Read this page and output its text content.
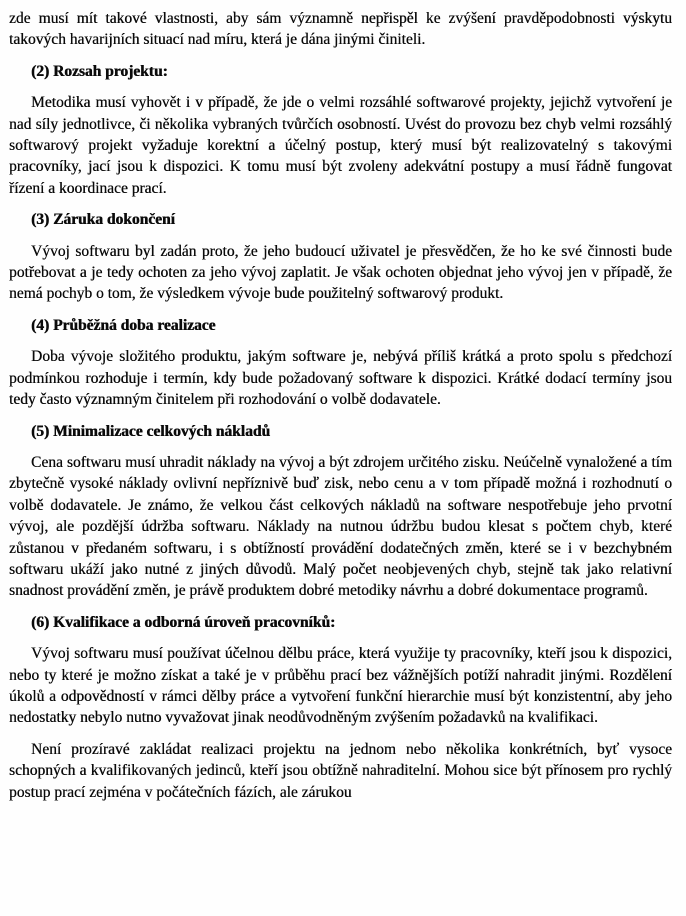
zde musí mít takové vlastnosti, aby sám významně nepřispěl ke zvýšení pravděpodobnosti výskytu takových havarijních situací nad míru, která je dána jinými činiteli.

(2) Rozsah projektu:

Metodika musí vyhovět i v případě, že jde o velmi rozsáhlé softwarové projekty, jejichž vytvoření je nad síly jednotlivce, či několika vybraných tvůrčích osobností. Uvést do provozu bez chyb velmi rozsáhlý softwarový projekt vyžaduje korektní a účelný postup, který musí být realizovatelný s takovými pracovníky, jací jsou k dispozici. K tomu musí být zvoleny adekvátní postupy a musí řádně fungovat řízení a koordinace prací.

(3) Záruka dokončení

Vývoj softwaru byl zadán proto, že jeho budoucí uživatel je přesvědčen, že ho ke své činnosti bude potřebovat a je tedy ochoten za jeho vývoj zaplatit. Je však ochoten objednat jeho vývoj jen v případě, že nemá pochyb o tom, že výsledkem vývoje bude použitelný softwarový produkt.

(4) Průběžná doba realizace

Doba vývoje složitého produktu, jakým software je, nebývá příliš krátká a proto spolu s předchozí podmínkou rozhoduje i termín, kdy bude požadovaný software k dispozici. Krátké dodací termíny jsou tedy často významným činitelem při rozhodování o volbě dodavatele.

(5) Minimalizace celkových nákladů

Cena softwaru musí uhradit náklady na vývoj a být zdrojem určitého zisku. Neúčelně vynaložené a tím zbytečně vysoké náklady ovlivní nepříznivě buď zisk, nebo cenu a v tom případě možná i rozhodnutí o volbě dodavatele. Je známo, že velkou část celkových nákladů na software nespotřebuje jeho prvotní vývoj, ale pozdější údržba softwaru. Náklady na nutnou údržbu budou klesat s počtem chyb, které zůstanou v předaném softwaru, i s obtížností provádění dodatečných změn, které se i v bezchybném softwaru ukáží jako nutné z jiných důvodů. Malý počet neobjevených chyb, stejně tak jako relativní snadnost provádění změn, je právě produktem dobré metodiky návrhu a dobré dokumentace programů.

(6) Kvalifikace a odborná úroveň pracovníků:

Vývoj softwaru musí používat účelnou dělbu práce, která využije ty pracovníky, kteří jsou k dispozici, nebo ty které je možno získat a také je v průběhu prací bez vážnějších potíží nahradit jinými. Rozdělení úkolů a odpovědností v rámci dělby práce a vytvoření funkční hierarchie musí být konzistentní, aby jeho nedostatky nebylo nutno vyvažovat jinak neodůvodněným zvýšením požadavků na kvalifikaci.

Není prozíravé zakládat realizaci projektu na jednom nebo několika konkrétních, byť vysoce schopných a kvalifikovaných jedinců, kteří jsou obtížně nahraditelní. Mohou sice být přínosem pro rychlý postup prací zejména v počátečních fázích, ale zárukou
